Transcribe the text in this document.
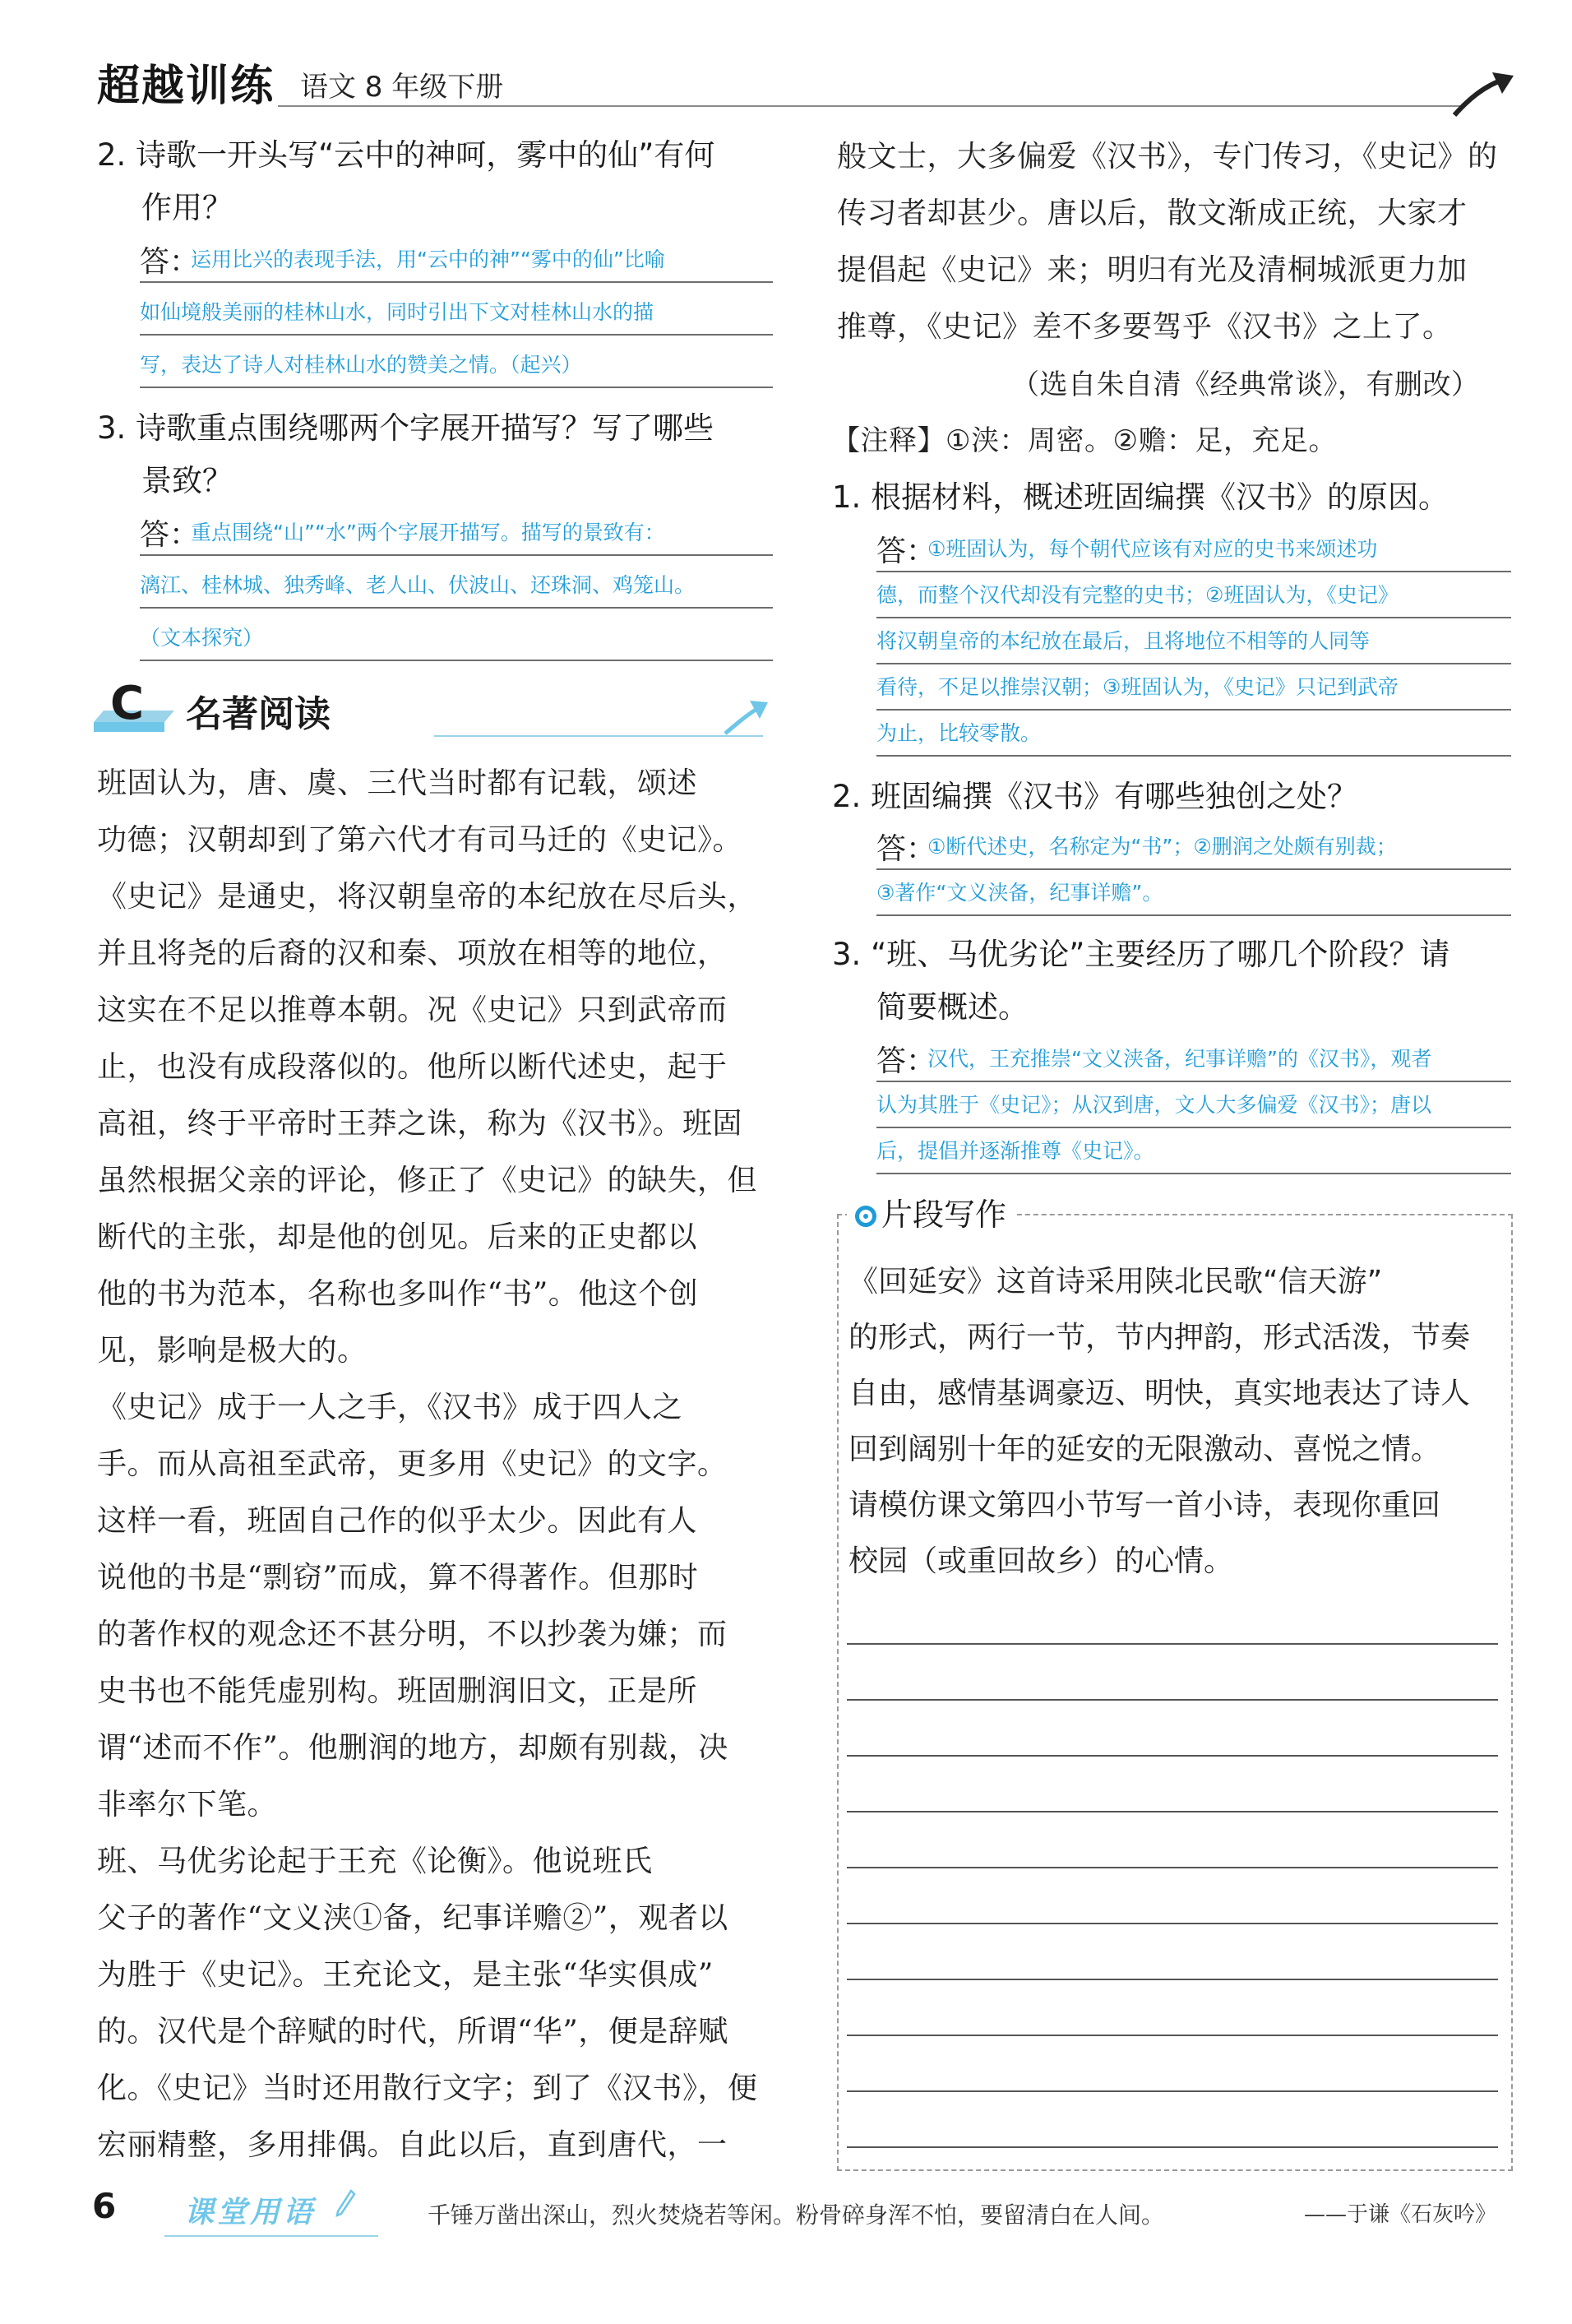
超越训练 语文 8 年级下册
2. 诗歌一开头写“云中的神呵，雾中的仙”有何
作用？
答：
运用比兴的表现手法，用“云中的神”“雾中的仙”比喻
如仙境般美丽的桂林山水，同时引出下文对桂林山水的描
写，表达了诗人对桂林山水的赞美之情。（起兴）
3. 诗歌重点围绕哪两个字展开描写？写了哪些
景致？
答：
重点围绕“山”“水”两个字展开描写。描写的景致有：
漓江、桂林城、独秀峰、老人山、伏波山、还珠洞、鸡笼山。
（文本探究）
C 名著阅读
班固认为，唐、虞、三代当时都有记载，颂述
功德；汉朝却到了第六代才有司马迁的《史记》。
《史记》是通史，将汉朝皇帝的本纪放在尽后头，
并且将尧的后裔的汉和秦、项放在相等的地位，
这实在不足以推尊本朝。况《史记》只到武帝而
止，也没有成段落似的。他所以断代述史，起于
高祖，终于平帝时王莽之诛，称为《汉书》。班固
虽然根据父亲的评论，修正了《史记》的缺失，但
断代的主张，却是他的创见。后来的正史都以
他的书为范本，名称也多叫作“书”。他这个创
见，影响是极大的。
《史记》成于一人之手，《汉书》成于四人之
手。而从高祖至武帝，更多用《史记》的文字。
这样一看，班固自己作的似乎太少。因此有人
说他的书是“剽窃”而成，算不得著作。但那时
的著作权的观念还不甚分明，不以抄袭为嫌；而
史书也不能凭虚别构。班固删润旧文，正是所
谓“述而不作”。他删润的地方，却颇有别裁，决
非率尔下笔。
班、马优劣论起于王充《论衡》。他说班氏
父子的著作“文义浃①备，纪事详赡②”，观者以
为胜于《史记》。王充论文，是主张“华实俱成”
的。汉代是个辞赋的时代，所谓“华”，便是辞赋
化。《史记》当时还用散行文字；到了《汉书》，便
宏丽精整，多用排偶。自此以后，直到唐代，一
般文士，大多偏爱《汉书》，专门传习，《史记》的
传习者却甚少。唐以后，散文渐成正统，大家才
提倡起《史记》来；明归有光及清桐城派更力加
推尊，《史记》差不多要驾乎《汉书》之上了。
（选自朱自清《经典常谈》，有删改）
【注释】①浃：周密。②赡：足，充足。
1. 根据材料，概述班固编撰《汉书》的原因。
答：
①班固认为，每个朝代应该有对应的史书来颂述功
德，而整个汉代却没有完整的史书；②班固认为，《史记》
将汉朝皇帝的本纪放在最后，且将地位不相等的人同等
看待，不足以推崇汉朝；③班固认为，《史记》只记到武帝
为止，比较零散。
2. 班固编撰《汉书》有哪些独创之处？
答：
①断代述史，名称定为“书”；②删润之处颇有别裁；
③著作“文义浃备，纪事详赡”。
3. “班、马优劣论”主要经历了哪几个阶段？请
简要概述。
答：
汉代，王充推崇“文义浃备，纪事详赡”的《汉书》，观者
认为其胜于《史记》；从汉到唐，文人大多偏爱《汉书》；唐以
后，提倡并逐渐推尊《史记》。
片段写作
《回延安》这首诗采用陕北民歌“信天游”
的形式，两行一节，节内押韵，形式活泼，节奏
自由，感情基调豪迈、明快，真实地表达了诗人
回到阔别十年的延安的无限激动、喜悦之情。
请模仿课文第四小节写一首小诗，表现你重回
校园（或重回故乡）的心情。
6 课堂用语	千锤万凿出深山，烈火焚烧若等闲。粉骨碎身浑不怕，要留清白在人间。	——于谦《石灰吟》
